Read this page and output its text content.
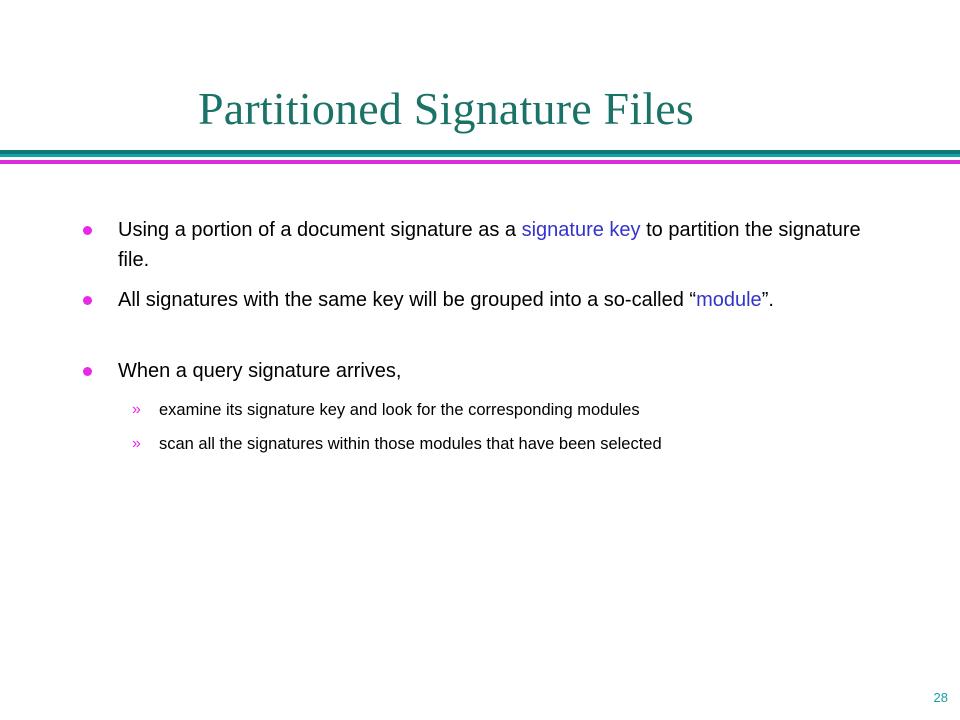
Partitioned Signature Files
Using a portion of a document signature as a signature key to partition the signature file.
All signatures with the same key will be grouped into a so-called “module”.
When a query signature arrives,
» examine its signature key and look for the corresponding modules
» scan all the signatures within those modules that have been selected
28
